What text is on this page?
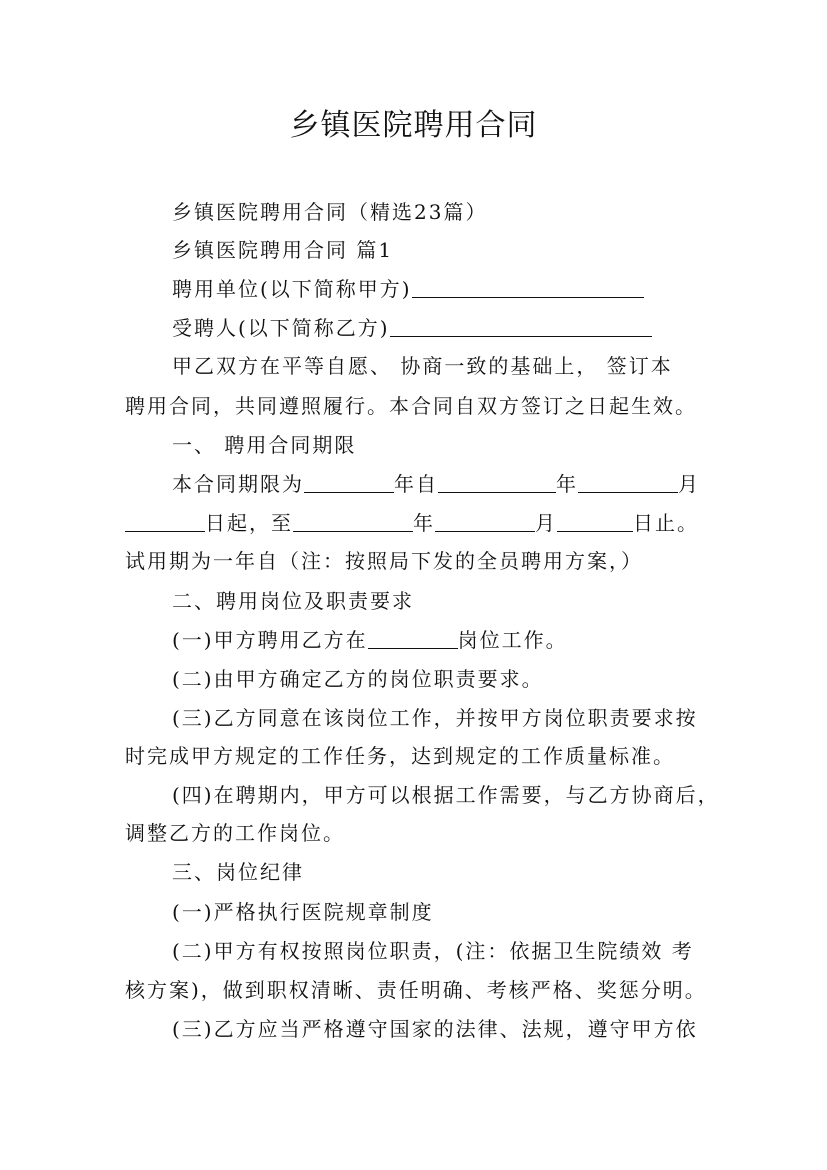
乡镇医院聘用合同
乡镇医院聘用合同（精选23篇）
乡镇医院聘用合同 篇1
聘用单位(以下简称甲方)
受聘人(以下简称乙方)
甲乙双方在平等自愿、 协商一致的基础上， 签订本
聘用合同，共同遵照履行。本合同自双方签订之日起生效。
一、 聘用合同期限
本合同期限为	年自	年	月
日起，至	年	月	日止。
试用期为一年自（注：按照局下发的全员聘用方案，）
二、聘用岗位及职责要求
(一)甲方聘用乙方在	岗位工作。
(二)由甲方确定乙方的岗位职责要求。
(三)乙方同意在该岗位工作，并按甲方岗位职责要求按
时完成甲方规定的工作任务，达到规定的工作质量标准。
(四)在聘期内，甲方可以根据工作需要，与乙方协商后，
调整乙方的工作岗位。
三、岗位纪律
(一)严格执行医院规章制度
(二)甲方有权按照岗位职责，(注：依据卫生院绩效 考
核方案)，做到职权清晰、责任明确、考核严格、奖惩分明。
(三)乙方应当严格遵守国家的法律、法规，遵守甲方依
